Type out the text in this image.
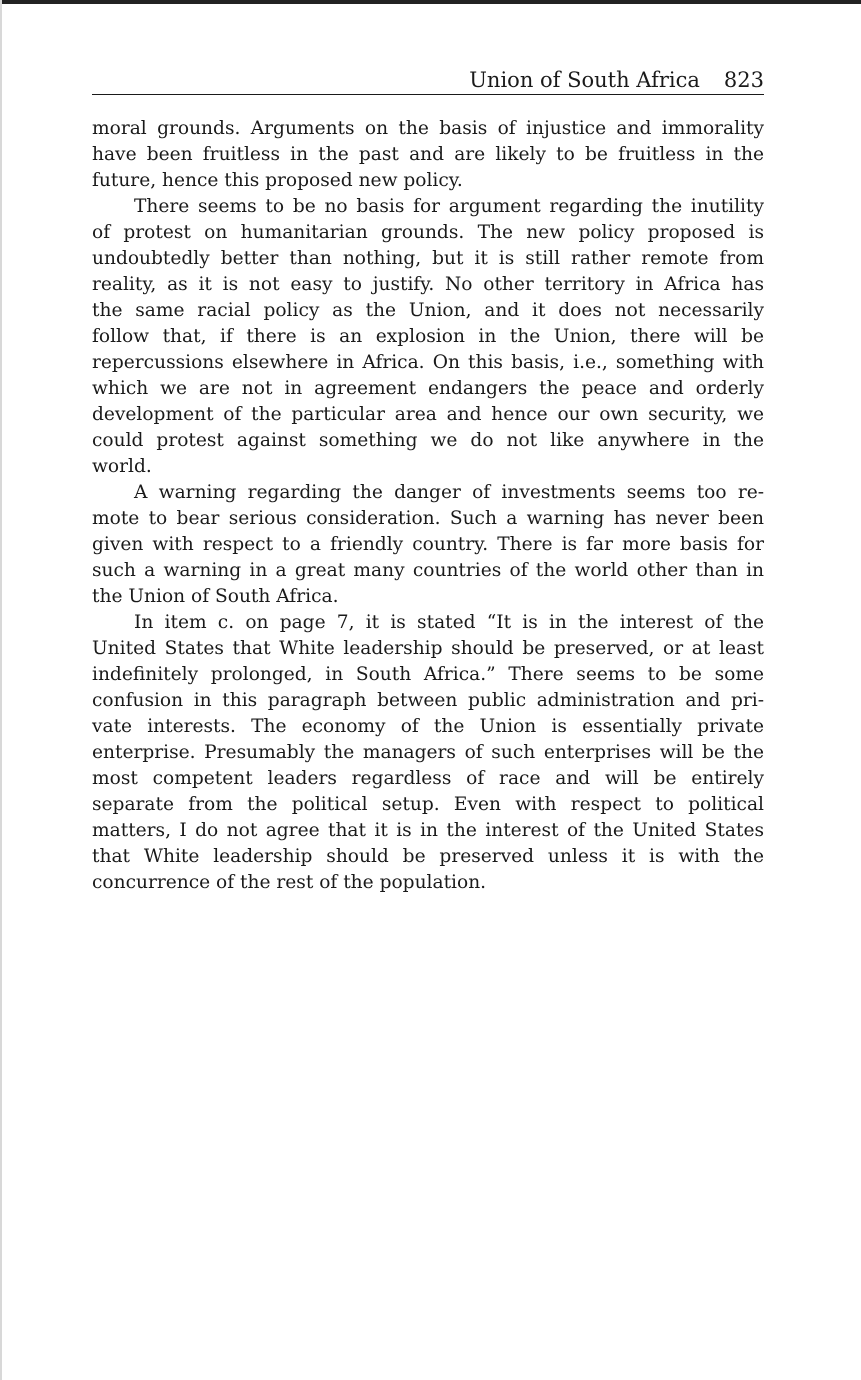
Union of South Africa 823

moral grounds. Arguments on the basis of injustice and immorality
have been fruitless in the past and are likely to be fruitless in the
future, hence this proposed new policy.

There seems to be no basis for argument regarding the inutility
of protest on humanitarian grounds. The new policy proposed is
undoubtedly better than nothing, but it is still rather remote from
reality, as it is not easy to justify. No other territory in Africa has
the same racial policy as the Union, and it does not necessarily
follow that, if there is an explosion in the Union, there will be
repercussions elsewhere in Africa. On this basis, i.e., something with
which we are not in agreement endangers the peace and orderly
development of the particular area and hence our own security, we
could protest against something we do not like anywhere in the
world.

A warning regarding the danger of investments seems too re-
mote to bear serious consideration. Such a warning has never been
given with respect to a friendly country. There is far more basis for
such a warning in a great many countries of the world other than in
the Union of South Africa.

In item c. on page 7, it is stated “It is in the interest of the
United States that White leadership should be preserved, or at least
indefinitely prolonged, in South Africa.” There seems to be some
confusion in this paragraph between public administration and pri-
vate interests. The economy of the Union is essentially private
enterprise. Presumably the managers of such enterprises will be the
most competent leaders regardless of race and will be entirely
separate from the political setup. Even with respect to political
matters, I do not agree that it is in the interest of the United States
that White leadership should be preserved unless it is with the
concurrence of the rest of the population.
